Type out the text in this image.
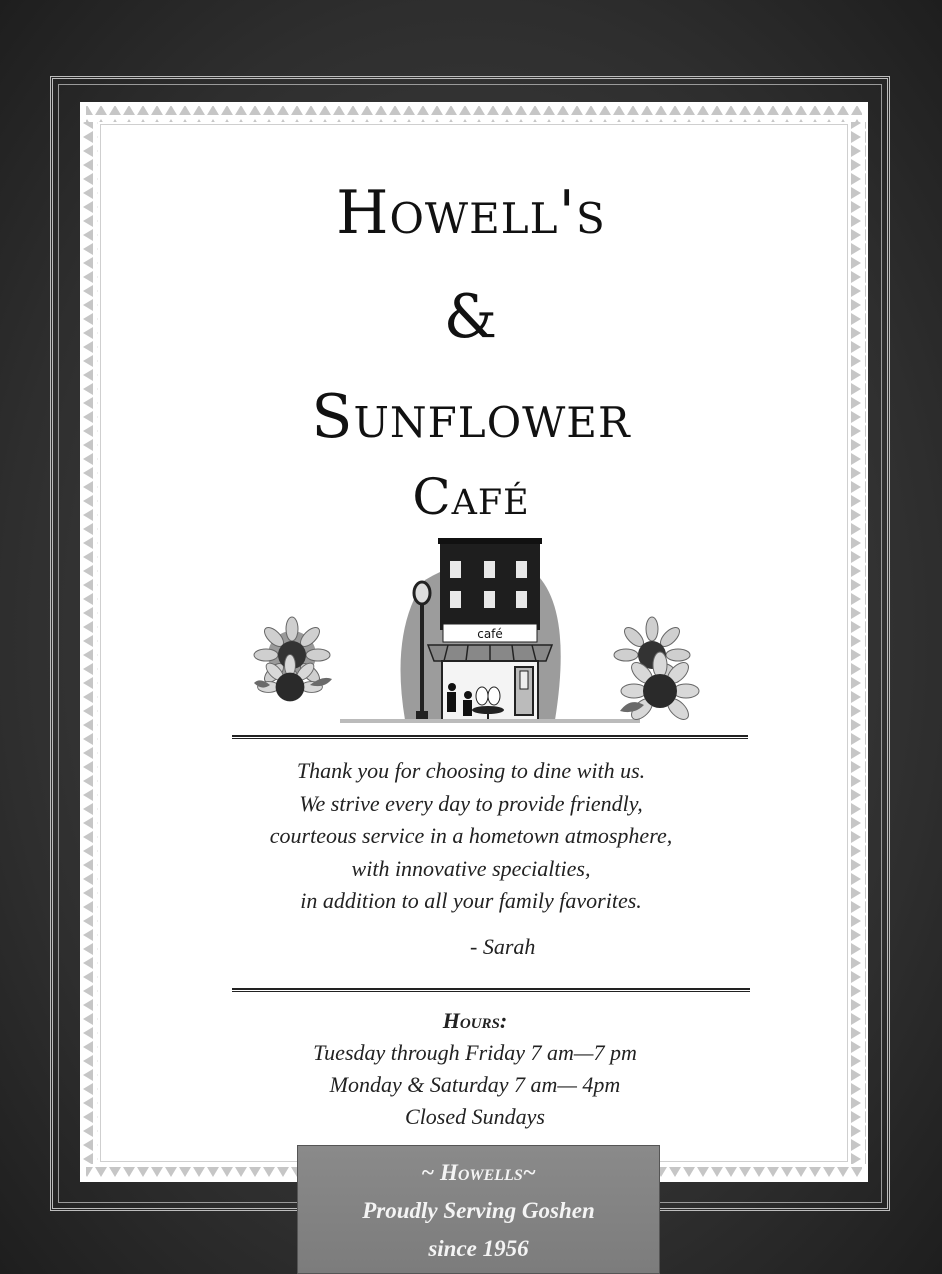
Howell's
&
Sunflower
Café
café
Thank you for choosing to dine with us.
We strive every day to provide friendly,
courteous service in a hometown atmosphere,
with innovative specialties,
in addition to all your family favorites.
- Sarah
Hours:
Tuesday through Friday 7 am—7 pm
Monday & Saturday 7 am— 4pm
Closed Sundays
~ Howells~
Proudly Serving Goshen
since 1956
